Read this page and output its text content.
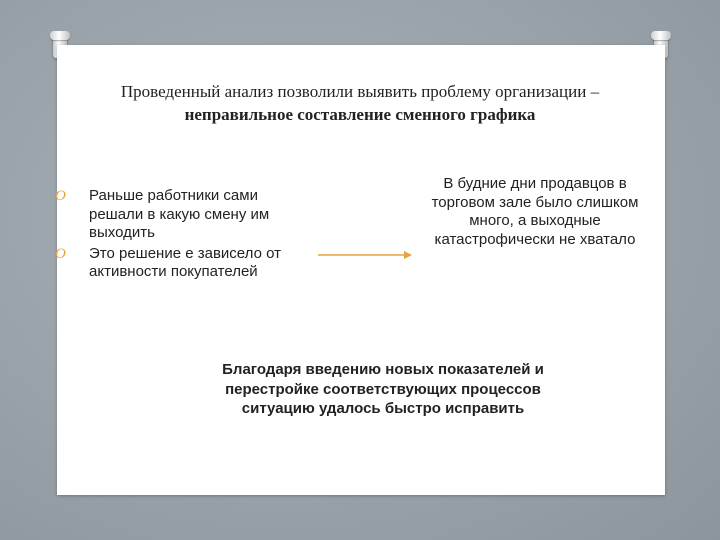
Проведенный анализ позволили выявить проблему организации – неправильное составление сменного графика
O Раньше работники сами решали в какую смену им выходить
O Это решение е зависело от активности покупателей
В будние дни продавцов в торговом зале было слишком много, а выходные катастрофически не хватало
Благодаря введению новых показателей и перестройке соответствующих процессов ситуацию удалось быстро исправить
